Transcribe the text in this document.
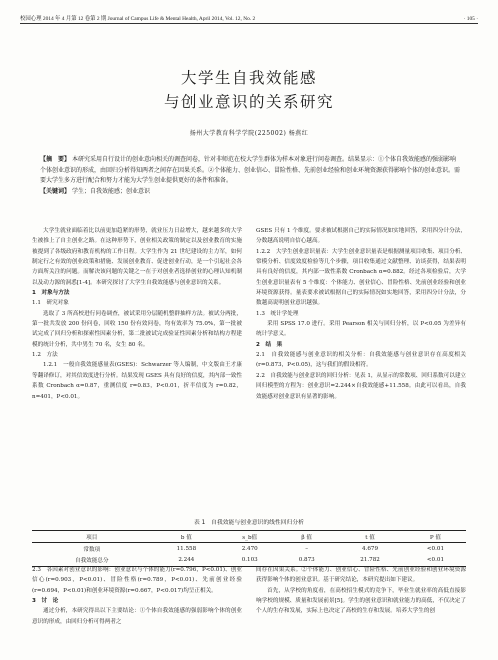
校园心理 2014 年 4 月第 12 卷第 2 期 Journal of Campus Life & Mental Health, April 2014, Vol. 12, No. 2	· 105 ·
大学生自我效能感
与创业意识的关系研究
扬州大学教育科学学院(225002) 杨燕红

【摘　要】 本研究采用自行设计的创业意向相关的调查问卷，针对非师范在校大学生群体为样本对象进行问卷调查。结果显示：①个体自我效能感的强弱影响个体创业意识的形成，由回归分析得知两者之间存在因果关系。②个体能力、创业信心、冒险性格、先前创业经验和创业环境资源获得影响个体的创业意识。需要大学生多方进行配合和努力才能为大学生创业提供更好的条件和准备。

【关键词】 学生；自我效能感；创业意识

大学生就业面临着比以前更加趋紧的形势，就业压力日益增大，越来越多的大学生被推上了自主创业之路。在这种形势下，创业相关政策的制定以及创业教育的实施被提到了各级政府和教育机构的工作日程。大学生作为 21 世纪建设的主力军，如何制定行之有效的创业政策和措施、发展创业教育、促进创业行动，是一个引起社会各方面所关注的问题。而解决该问题的关键之一在于对创业者选择创业的心理认知机制以及动力源的洞悉[1-4]。本研究探讨了大学生自我效能感与创业意识的关系。

1　对象与方法

1.1　研究对象

选取了 3 所高校进行问卷调查，被试采用分层随机整群抽样方法。被试分两批，第一批共发放 200 份问卷，回收 150 份有效问卷，均有效率为 75.0%，第一批被试完成了回归分析和探索性因素分析，第二批被试完成验证性因素分析和结构方程建模的统计分析，共中男生 70 名，女生 80 名。

1.2　方法

1.2.1　一般自我效能感量表(GSES)：Schwarzer 等人编制，中文版由王才康等翻译修订，对其信效度进行分析。结果发现 GSES 具有良好的信度，其内部一致性系数 Cronbach α=0.87，重测信度 r=0.83，P<0.01，折半信度为 r=0.82，n=401，P<0.01。

GSES 只有 1 个维度。要求被试根据自己的实际情况如实地回答，采用四分计分法，分数越高说明自信心越高。

1.2.2　大学生创业意识量表：大学生创业意识量表是根据测量项目收集、项目分析、常模分析、信度效度检验等几个步骤，项目收集通过文献整理、访谈获得，结果表明具有良好的信度，其内部一致性系数 Cronbach α=0.882。经过各项检验后，大学生创业意识量表有 5 个维度：个体能力、创业信心、冒险性格、先前创业经验和创业环境资源获得。量表要求被试根据自己的实际情况如实地回答，采用四分计分法，分数越高说明创业意识越强。

1.3　统计学处理

采用 SPSS 17.0 进行。采用 Pearson 相关与回归分析，以 P<0.05 为差异有统计学意义。

2　结　果

2.1　自我效能感与创业意识的相关分析：自我效能感与创业意识存在高度相关(r=0.873，P<0.05)，这与我们的假设相符。

2.2　自我效能与创业意识的回归分析：见表 1，从显示的常数项、回归系数可以建立回归模型的方程为：创业意识=2.244×自我效能感+11.558。由此可以看出，自我效能感对创业意识有显著的影响。

表 1　自我效能与创业意识的线性回归分析
项目	b 值	s_b值	β 值	t 值	P 值
常数项	11.558	2.470	–	4.679	<0.01
自我效能总分	2.244	0.103	0.873	21.782	<0.01

2.3　各因素对创业意识的影响：创业意识与个体的能力(r=0.796，P<0.01)、创业信心(r=0.903，P<0.01)、冒险性格(r=0.789，P<0.01)、先前创业经验(r=0.694，P<0.01)和创业环境资源(r=0.667，P<0.017)均呈正相关。

3　讨　论

通过分析，本研究得出以下主要结论：①个体自我效能感的强弱影响个体的创业意识的形成，由回归分析可得两者之

间存在因果关系。②个体能力、创业信心、冒险性格、先前创业经验和创业环境资源获得影响个体的创业意识。基于研究结论，本研究提出如下建议。

首先，从学校的角度看，在高校招生模式的竞争下，毕业生就业率的高低直接影响学校的规模、质量和发展前景[5]。学生的创业意识和就业能力的高低，不仅决定了个人的生存和发展，实际上也决定了高校的生存和发展。培养大学生的创
